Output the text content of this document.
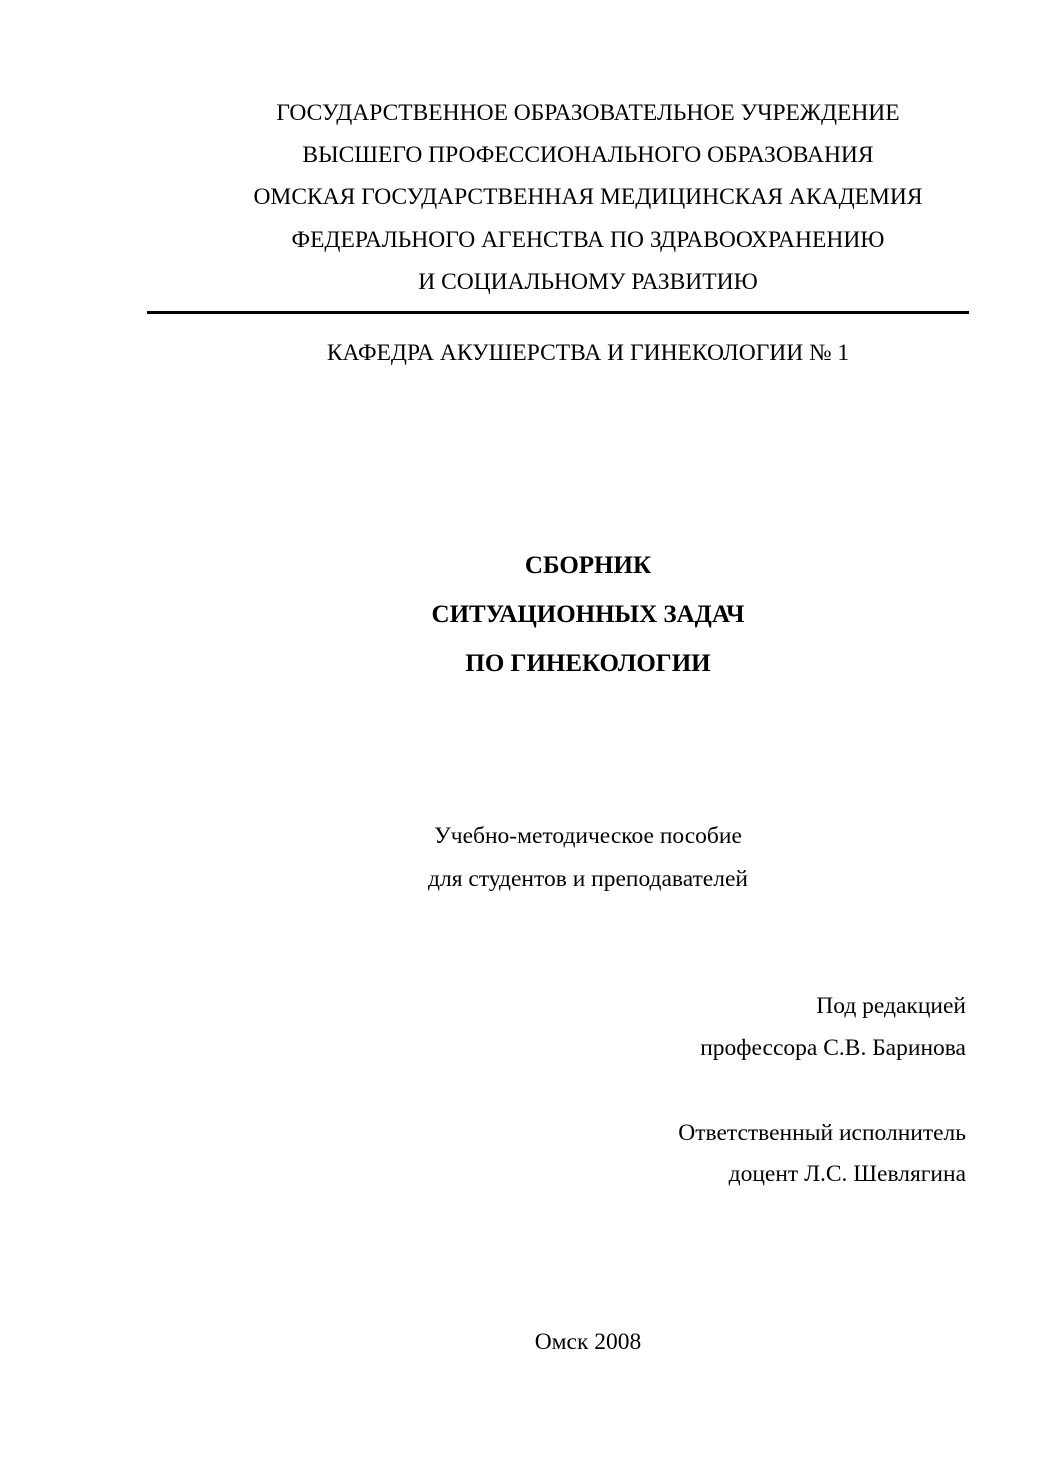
ГОСУДАРСТВЕННОЕ ОБРАЗОВАТЕЛЬНОЕ УЧРЕЖДЕНИЕ
ВЫСШЕГО ПРОФЕССИОНАЛЬНОГО ОБРАЗОВАНИЯ
ОМСКАЯ ГОСУДАРСТВЕННАЯ МЕДИЦИНСКАЯ АКАДЕМИЯ
ФЕДЕРАЛЬНОГО АГЕНСТВА ПО ЗДРАВООХРАНЕНИЮ
И СОЦИАЛЬНОМУ РАЗВИТИЮ
КАФЕДРА АКУШЕРСТВА И ГИНЕКОЛОГИИ № 1
СБОРНИК
СИТУАЦИОННЫХ ЗАДАЧ
ПО ГИНЕКОЛОГИИ
Учебно-методическое пособие
для студентов и преподавателей
Под редакцией
профессора С.В. Баринова
Ответственный исполнитель
доцент Л.С. Шевлягина
Омск 2008
